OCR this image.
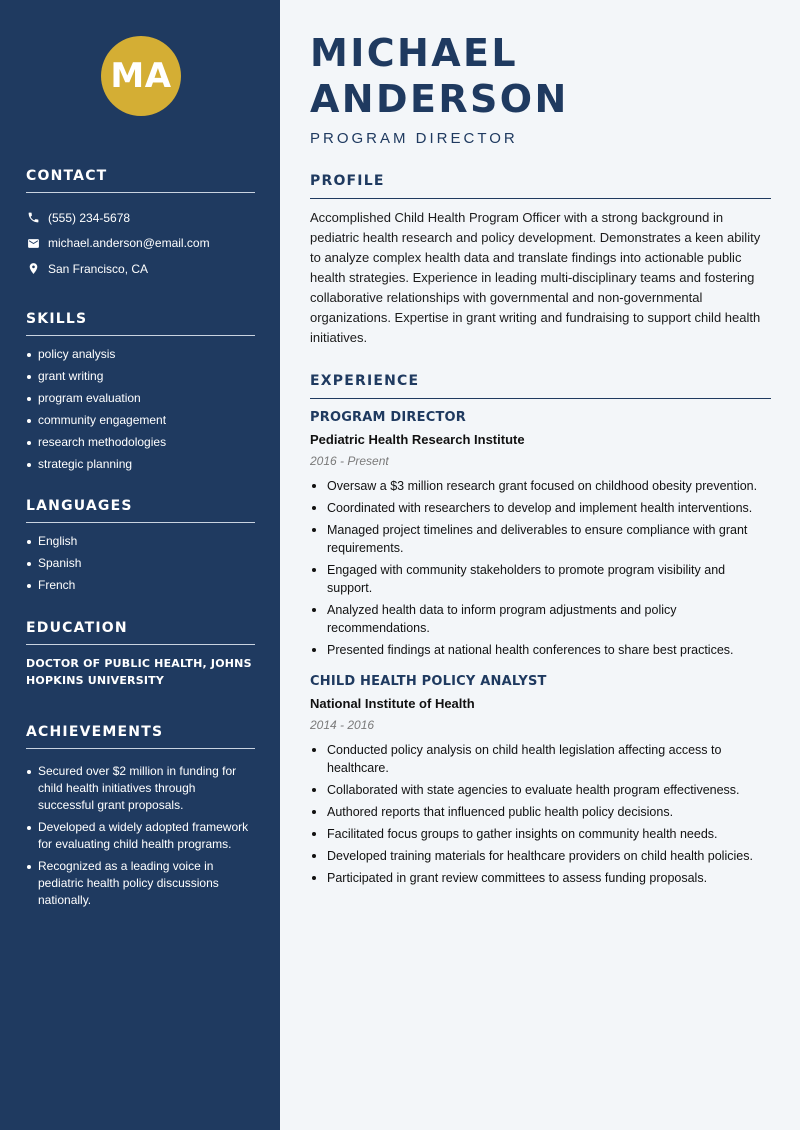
MA
CONTACT
(555) 234-5678
michael.anderson@email.com
San Francisco, CA
SKILLS
policy analysis
grant writing
program evaluation
community engagement
research methodologies
strategic planning
LANGUAGES
English
Spanish
French
EDUCATION

DOCTOR OF PUBLIC HEALTH, JOHNS HOPKINS UNIVERSITY

ACHIEVEMENTS
Secured over $2 million in funding for child health initiatives through successful grant proposals.
Developed a widely adopted framework for evaluating child health programs.
Recognized as a leading voice in pediatric health policy discussions nationally.
MICHAEL ANDERSON
PROGRAM DIRECTOR
PROFILE

Accomplished Child Health Program Officer with a strong background in pediatric health research and policy development. Demonstrates a keen ability to analyze complex health data and translate findings into actionable public health strategies. Experience in leading multi-disciplinary teams and fostering collaborative relationships with governmental and non-governmental organizations. Expertise in grant writing and fundraising to support child health initiatives.

EXPERIENCE
PROGRAM DIRECTOR
Pediatric Health Research Institute
2016 - Present
Oversaw a $3 million research grant focused on childhood obesity prevention.
Coordinated with researchers to develop and implement health interventions.
Managed project timelines and deliverables to ensure compliance with grant requirements.
Engaged with community stakeholders to promote program visibility and support.
Analyzed health data to inform program adjustments and policy recommendations.
Presented findings at national health conferences to share best practices.
CHILD HEALTH POLICY ANALYST
National Institute of Health
2014 - 2016
Conducted policy analysis on child health legislation affecting access to healthcare.
Collaborated with state agencies to evaluate health program effectiveness.
Authored reports that influenced public health policy decisions.
Facilitated focus groups to gather insights on community health needs.
Developed training materials for healthcare providers on child health policies.
Participated in grant review committees to assess funding proposals.
